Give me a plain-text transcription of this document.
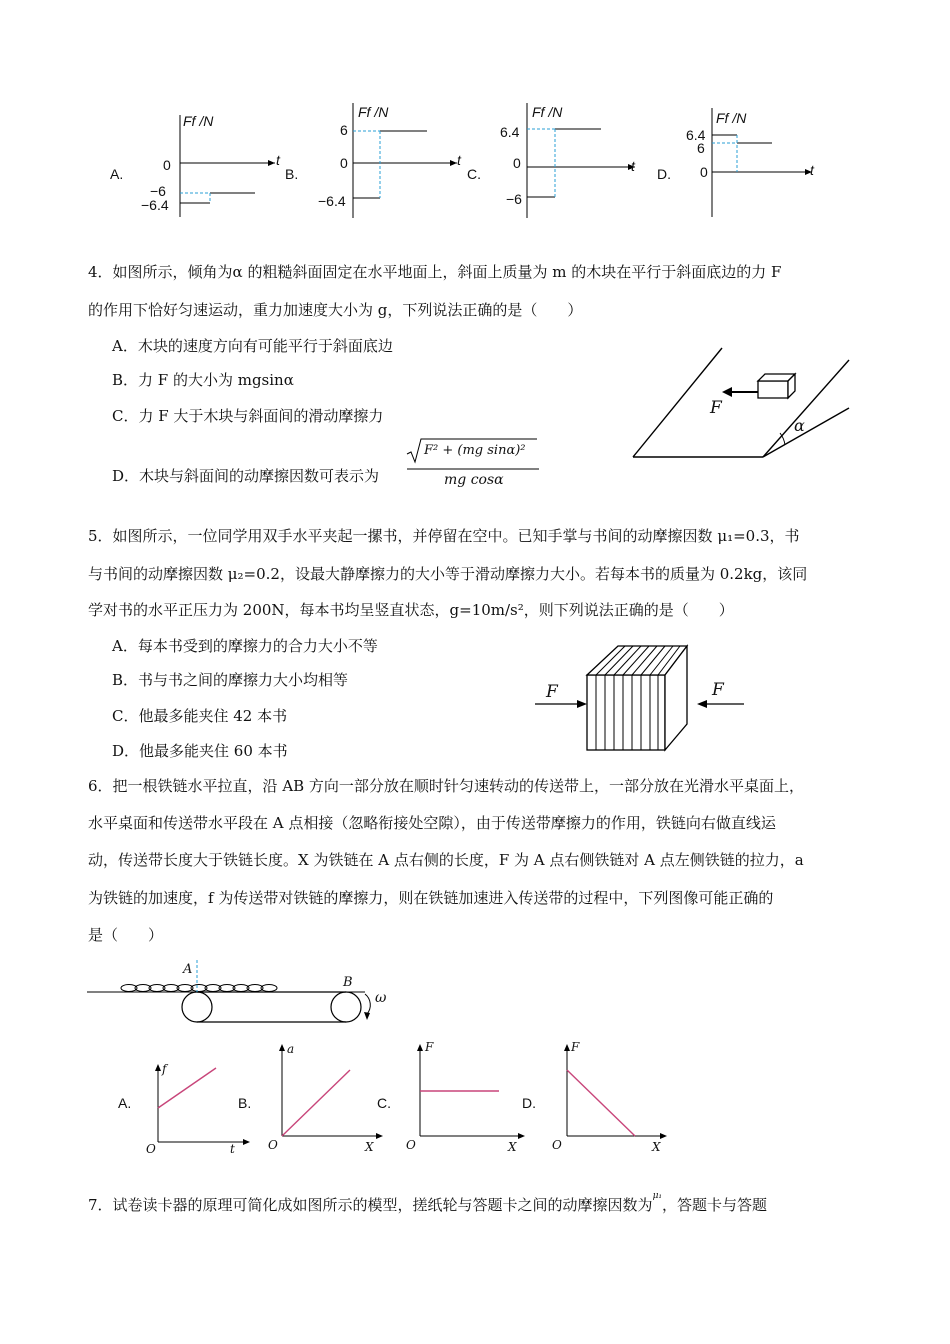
A.
Ff /N
0	t
−6
−6.4
B.
Ff /N
6
0	t
−6.4
C.
Ff /N
6.4
0	t
−6
D.
Ff /N
6.4
6
0	t
4．如图所示，倾角为α 的粗糙斜面固定在水平地面上，斜面上质量为 m 的木块在平行于斜面底边的力 F
的作用下恰好匀速运动，重力加速度大小为 g，下列说法正确的是（　　）
A．木块的速度方向有可能平行于斜面底边
B．力 F 的大小为 mgsinα
C．力 F 大于木块与斜面间的滑动摩擦力
D．木块与斜面间的动摩擦因数可表示为
F² + (mg sinα)²
mg cosα
F
α
5．如图所示，一位同学用双手水平夹起一摞书，并停留在空中。已知手掌与书间的动摩擦因数 μ₁=0.3，书
与书间的动摩擦因数 μ₂=0.2，设最大静摩擦力的大小等于滑动摩擦力大小。若每本书的质量为 0.2kg，该同
学对书的水平正压力为 200N，每本书均呈竖直状态，g=10m/s²，则下列说法正确的是（　　）
A．每本书受到的摩擦力的合力大小不等
B．书与书之间的摩擦力大小均相等
C．他最多能夹住 42 本书
D．他最多能夹住 60 本书
F	F
6．把一根铁链水平拉直，沿 AB 方向一部分放在顺时针匀速转动的传送带上，一部分放在光滑水平桌面上，
水平桌面和传送带水平段在 A 点相接（忽略衔接处空隙），由于传送带摩擦力的作用，铁链向右做直线运
动，传送带长度大于铁链长度。X 为铁链在 A 点右侧的长度，F 为 A 点右侧铁链对 A 点左侧铁链的拉力，a
为铁链的加速度，f 为传送带对铁链的摩擦力，则在铁链加速进入传送带的过程中，下列图像可能正确的
是（　　）
A
B
ω
A.
f
t
O
B.
a
X
O
C.
F
X
O
D.
F
X
O
7．试卷读卡器的原理可简化成如图所示的模型，搓纸轮与答题卡之间的动摩擦因数为$^{\mu_1}$，答题卡与答题
